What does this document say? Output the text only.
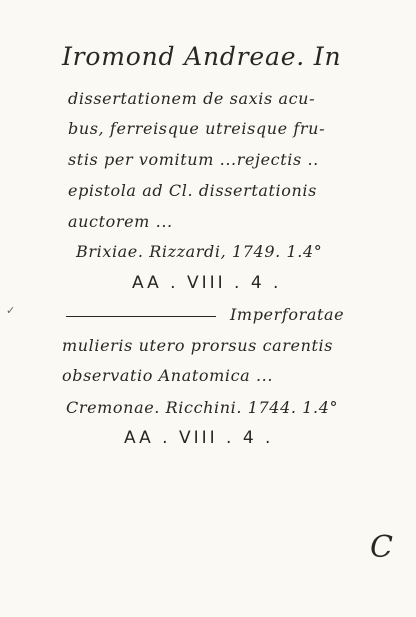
Iromond Andreae. In
dissertationem de saxis acu-
bus, ferreisque utreisque fru-
stis per vomitum ...rejectis ..
epistola ad Cl. dissertationis
auctorem ...
Brixiae. Rizzardi, 1749. 1.4°
AA . VIII . 4 .
✓	Imperforatae
mulieris utero prorsus carentis
observatio Anatomica ...
Cremonae. Ricchini. 1744. 1.4°
AA . VIII . 4 .
C
